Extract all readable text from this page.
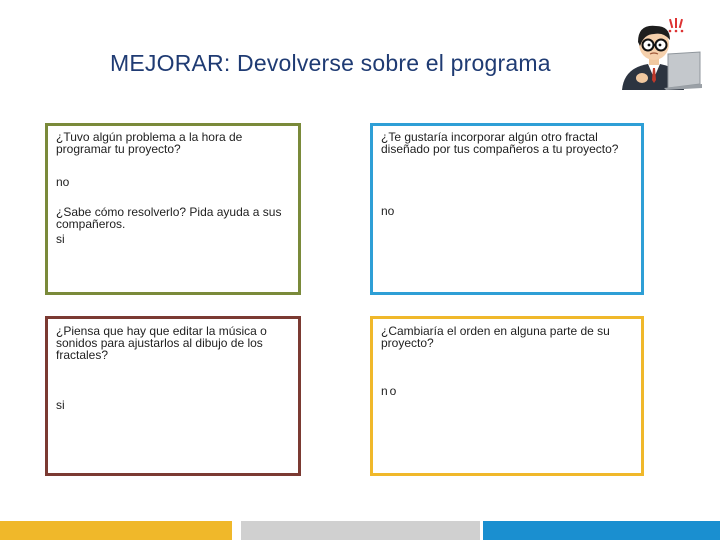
MEJORAR: Devolverse sobre el programa
¿Tuvo algún problema a la hora de programar tu proyecto?
no
¿Sabe cómo resolverlo? Pida ayuda a sus compañeros.
si
¿Te gustaría incorporar algún otro fractal diseñado por tus compañeros a tu proyecto?
no
¿Piensa que hay que editar la música o sonidos para ajustarlos al dibujo de los fractales?
si
¿Cambiaría el orden en alguna parte de su proyecto?
no
